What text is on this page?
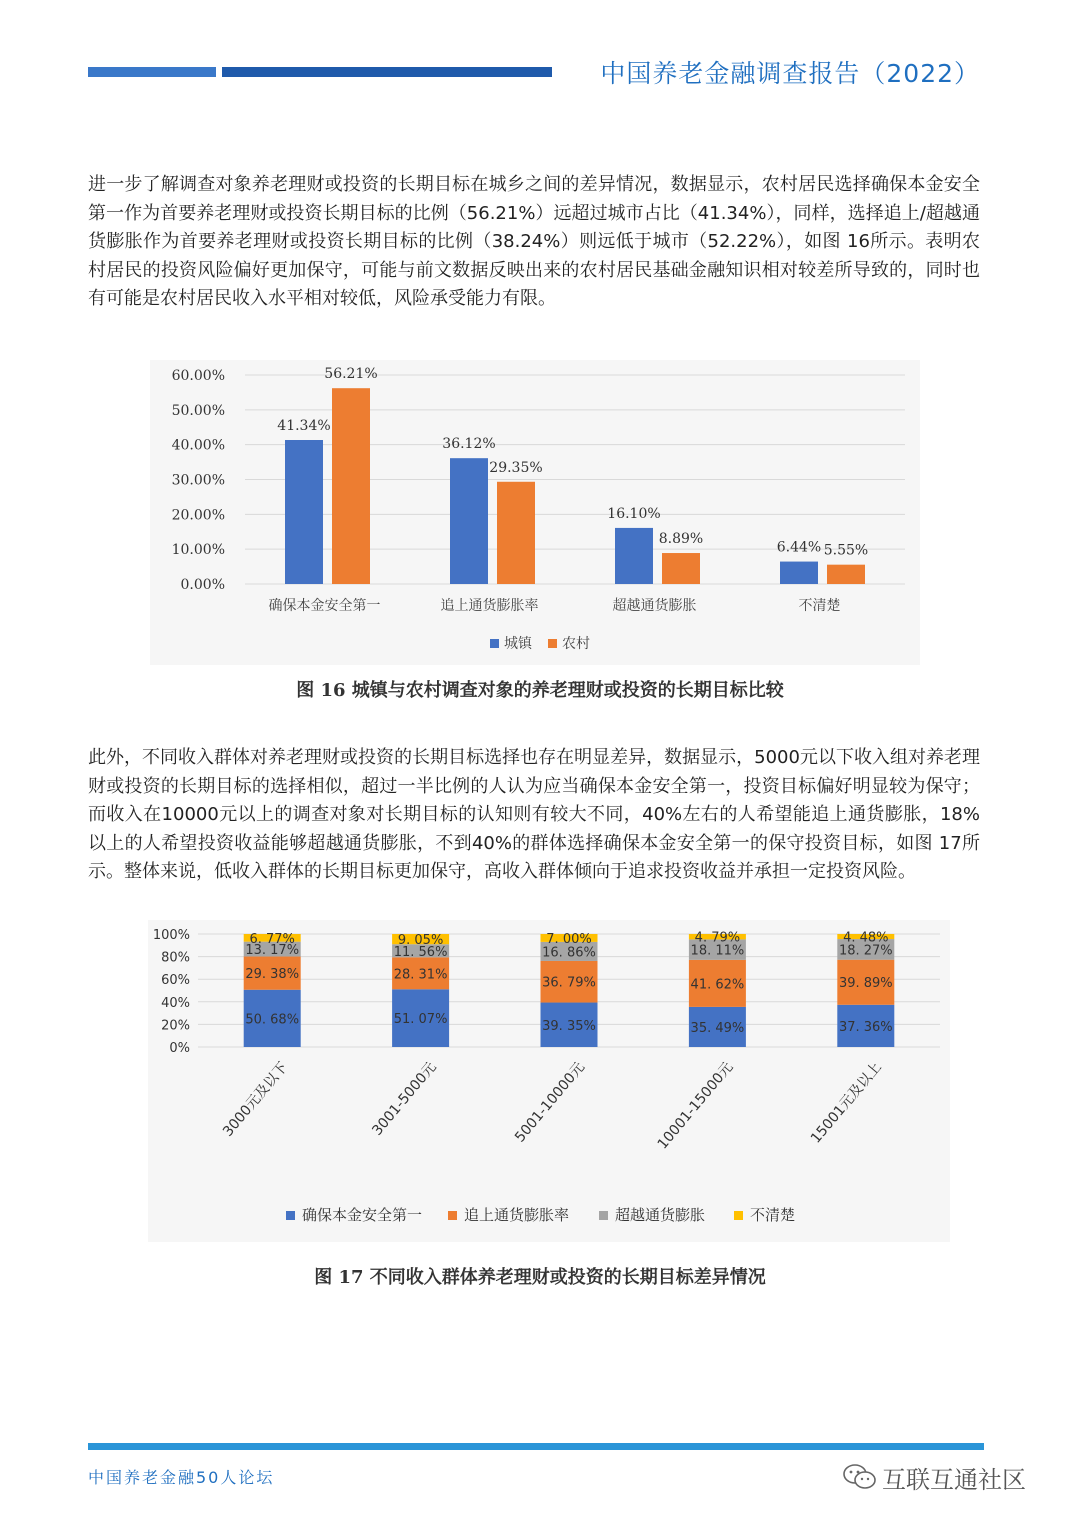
中国养老金融调查报告（2022）

进一步了解调查对象养老理财或投资的长期目标在城乡之间的差异情况，数据显示，农村居民选择确保本金安全第一作为首要养老理财或投资长期目标的比例（56.21%）远超过城市占比（41.34%），同样，选择追上/超越通货膨胀作为首要养老理财或投资长期目标的比例（38.24%）则远低于城市（52.22%），如图 16所示。表明农村居民的投资风险偏好更加保守，可能与前文数据反映出来的农村居民基础金融知识相对较差所导致的，同时也有可能是农村居民收入水平相对较低，风险承受能力有限。

0.00%
10.00%
20.00%
30.00%
40.00%
50.00%
60.00%
41.34%
56.21%
确保本金安全第一
36.12%
29.35%
追上通货膨胀率
16.10%
8.89%
超越通货膨胀
6.44% 5.55%
不清楚
城镇 农村
图 16 城镇与农村调查对象的养老理财或投资的长期目标比较

此外，不同收入群体对养老理财或投资的长期目标选择也存在明显差异，数据显示，5000元以下收入组对养老理财或投资的长期目标的选择相似，超过一半比例的人认为应当确保本金安全第一，投资目标偏好明显较为保守；而收入在10000元以上的调查对象对长期目标的认知则有较大不同，40%左右的人希望能追上通货膨胀，18%以上的人希望投资收益能够超越通货膨胀，不到40%的群体选择确保本金安全第一的保守投资目标，如图 17所示。整体来说，低收入群体的长期目标更加保守，高收入群体倾向于追求投资收益并承担一定投资风险。

0%
20%
40%
60%
80%
100%
50. 68%
29. 38%
13. 17%
6. 77%
3000元及以下
51. 07%
28. 31%
11. 56%
9. 05%
3001-5000元
39. 35%
36. 79%
16. 86%
7. 00%
5001-10000元
35. 49%
41. 62%
18. 11%
4. 79%
10001-15000元
37. 36%
39. 89%
18. 27%
4. 48%
15001元及以上
确保本金安全第一	追上通货膨胀率	超越通货膨胀	不清楚
图 17 不同收入群体养老理财或投资的长期目标差异情况
中国养老金融50人论坛	互联互通社区
